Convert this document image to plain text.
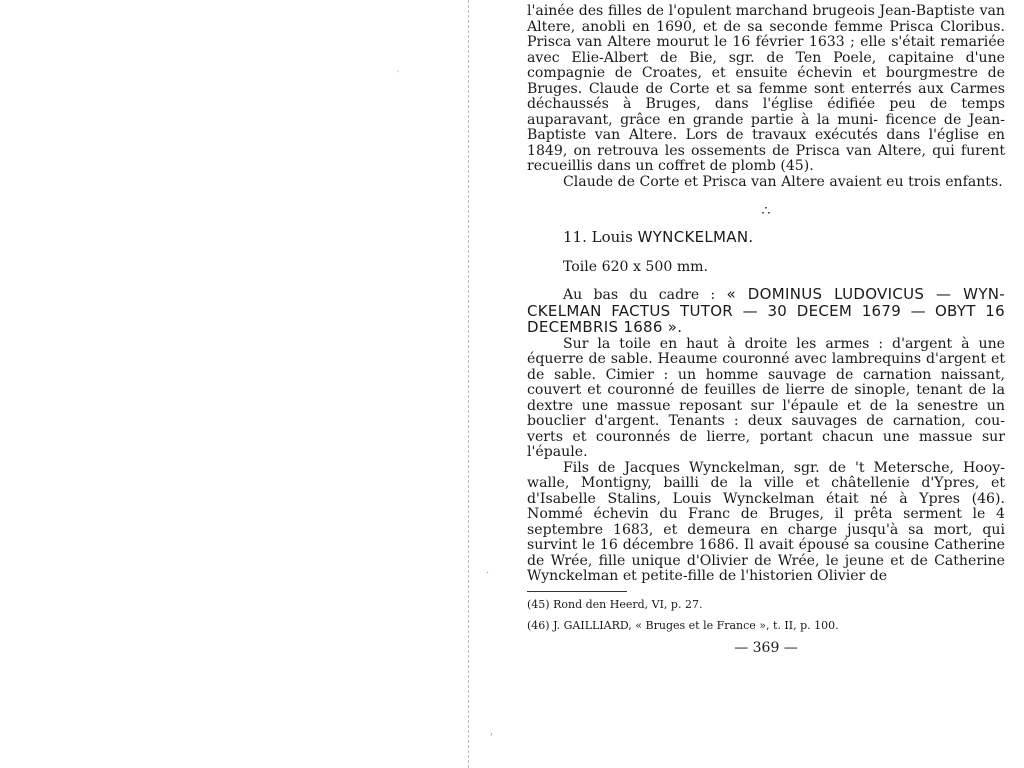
′
·
,

l'ainée des filles de l'opulent marchand brugeois Jean-Baptiste van Altere, anobli en 1690, et de sa seconde femme Prisca Cloribus. Prisca van Altere mourut le 16 février 1633 ; elle s'était remariée avec Elie-Albert de Bie, sgr. de Ten Poele, capitaine d'une compagnie de Croates, et ensuite échevin et bourgmestre de Bruges. Claude de Corte et sa femme sont enterrés aux Carmes déchaussés à Bruges, dans l'église édifiée peu de temps auparavant, grâce en grande partie à la muni- ficence de Jean-Baptiste van Altere. Lors de travaux exécutés dans l'église en 1849, on retrouva les ossements de Prisca van Altere, qui furent recueillis dans un coffret de plomb (45).

Claude de Corte et Prisca van Altere avaient eu trois enfants.

∴
11. Louis WYNCKELMAN.
Toile 620 x 500 mm.

Au bas du cadre : « DOMINUS LUDOVICUS — WYN- CKELMAN FACTUS TUTOR — 30 DECEM 1679 — OBYT 16 DECEMBRIS 1686 ».

Sur la toile en haut à droite les armes : d'argent à une équerre de sable. Heaume couronné avec lambrequins d'argent et de sable. Cimier : un homme sauvage de carnation naissant, couvert et couronné de feuilles de lierre de sinople, tenant de la dextre une massue reposant sur l'épaule et de la senestre un bouclier d'argent. Tenants : deux sauvages de carnation, cou- verts et couronnés de lierre, portant chacun une massue sur l'épaule.

Fils de Jacques Wynckelman, sgr. de 't Metersche, Hooy- walle, Montigny, bailli de la ville et châtellenie d'Ypres, et d'Isabelle Stalins, Louis Wynckelman était né à Ypres (46). Nommé échevin du Franc de Bruges, il prêta serment le 4 septembre 1683, et demeura en charge jusqu'à sa mort, qui survint le 16 décembre 1686. Il avait épousé sa cousine Catherine de Wrée, fille unique d'Olivier de Wrée, le jeune et de Catherine Wynckelman et petite-fille de l'historien Olivier de

(45) Rond den Heerd, VI, p. 27.

(46) J. GAILLIARD, « Bruges et le France », t. II, p. 100.

— 369 —
